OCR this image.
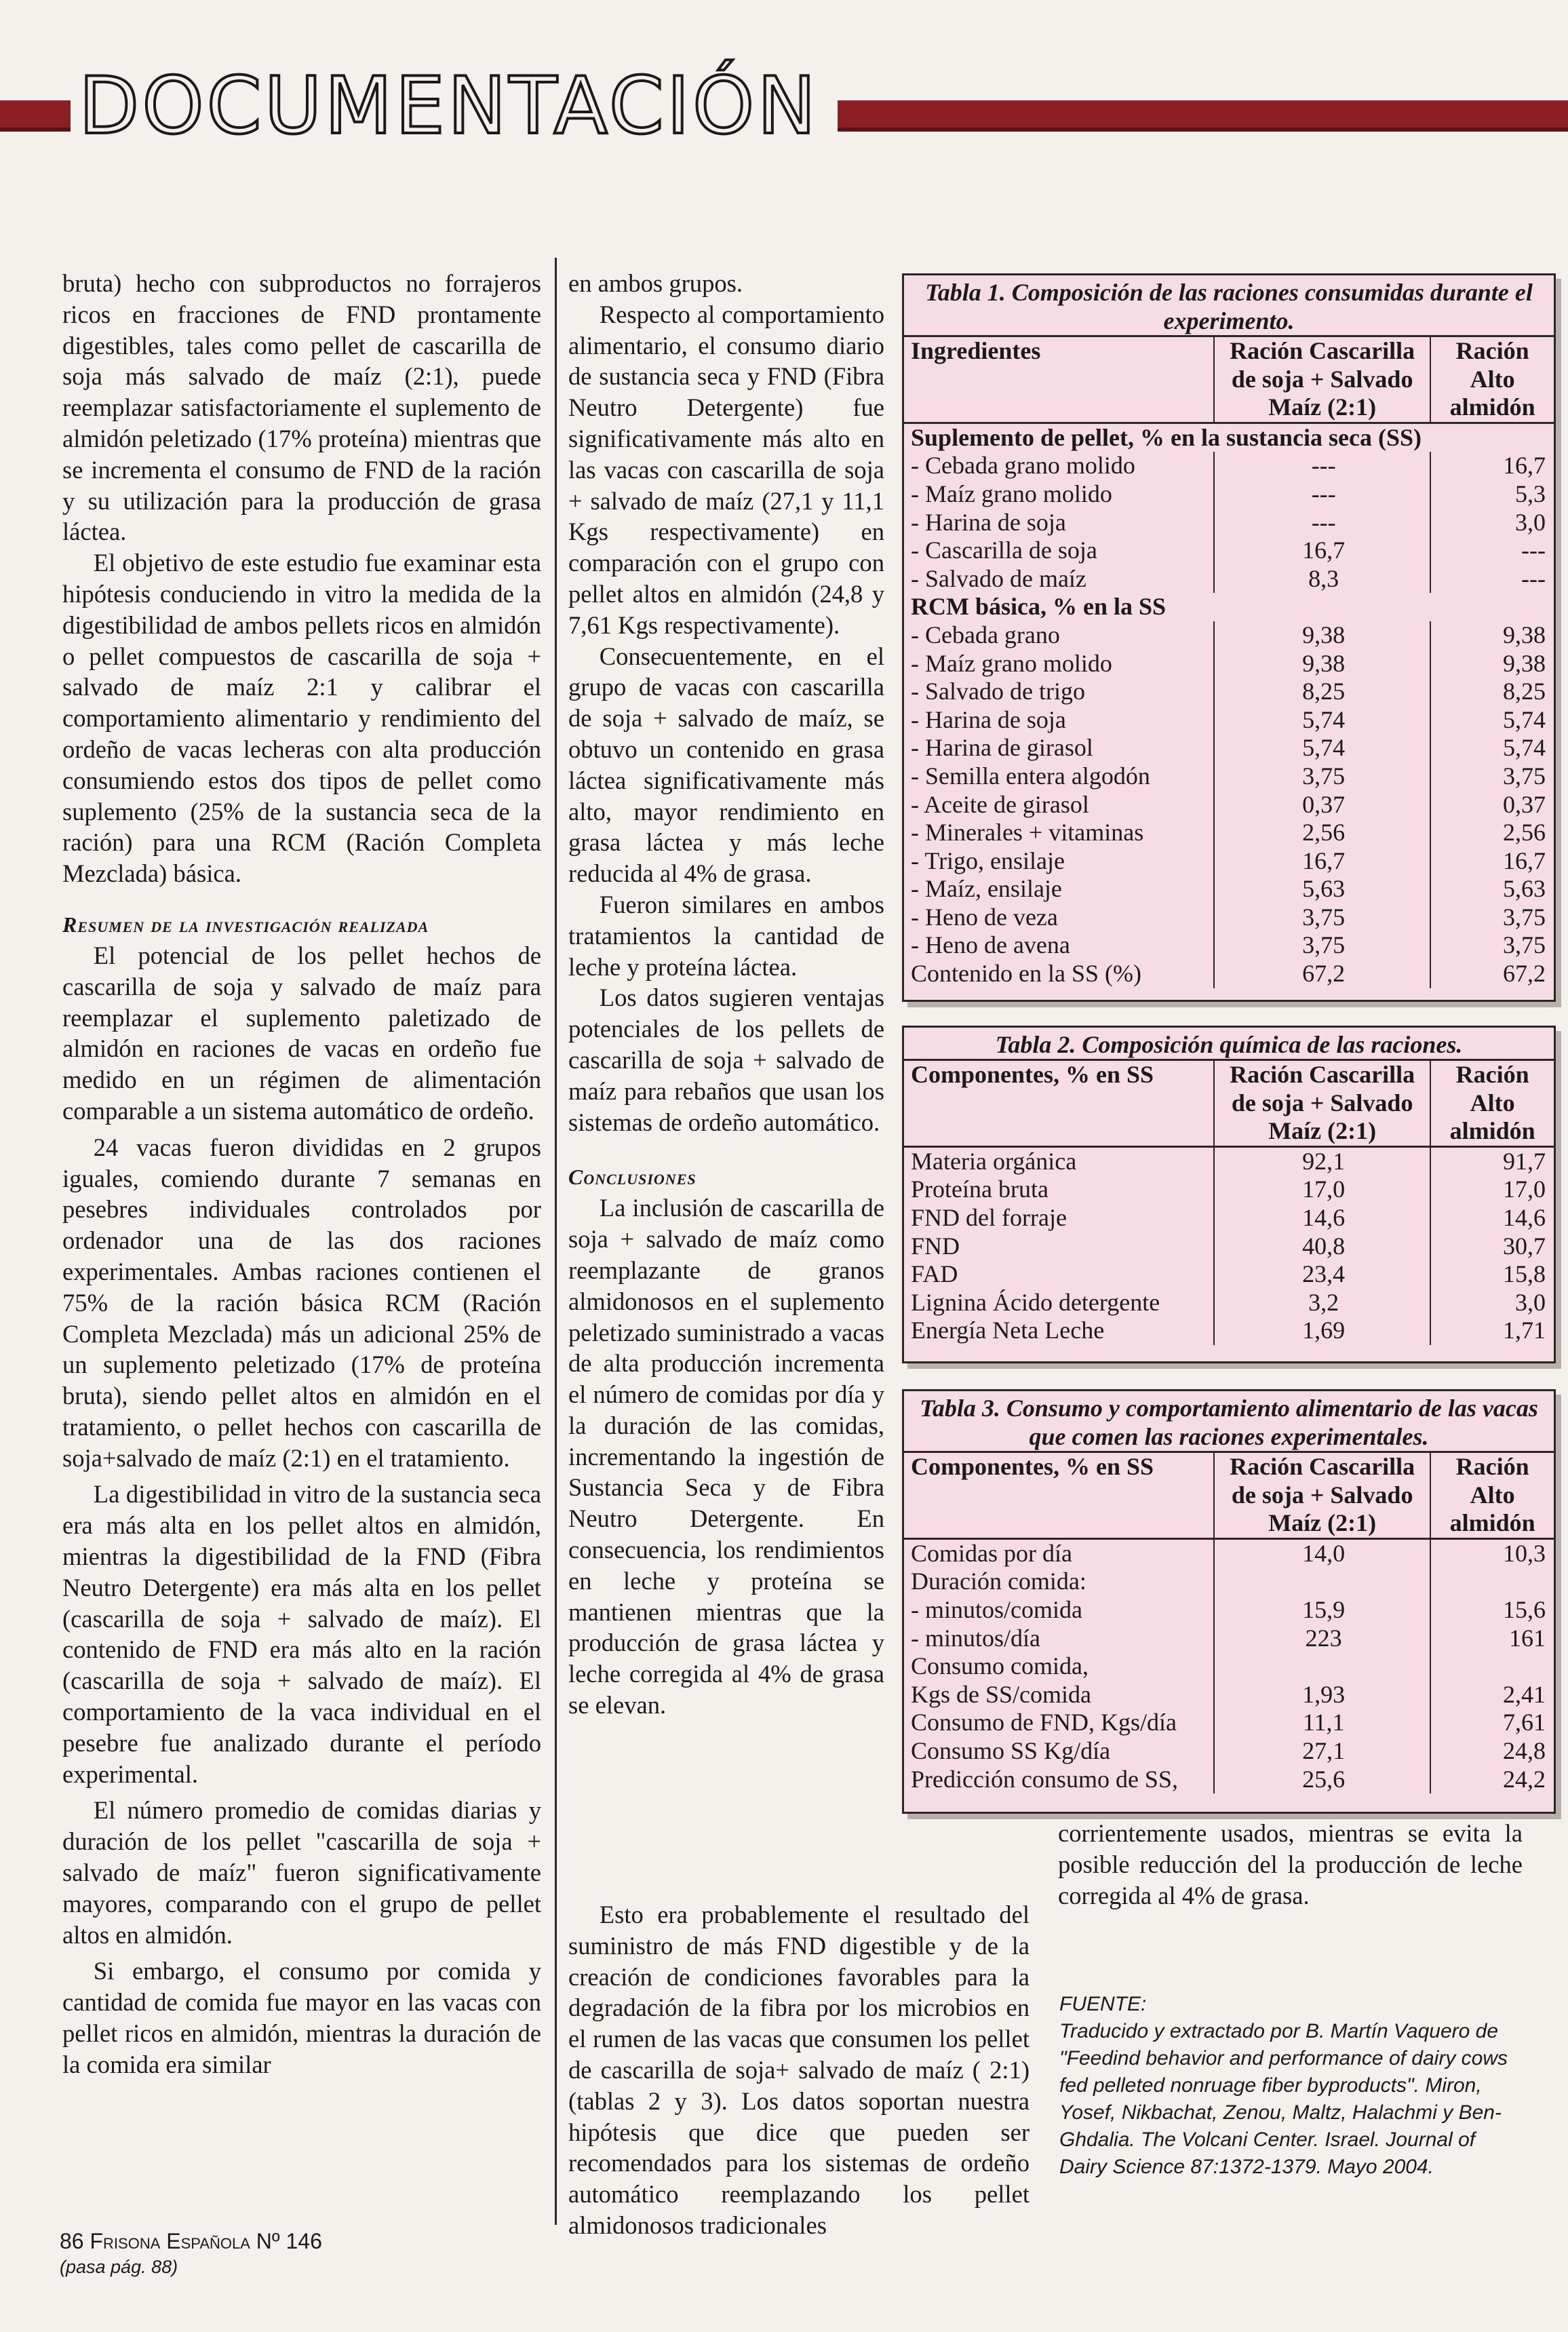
DOCUMENTACIÓN

bruta) hecho con subproductos no forrajeros ricos en fracciones de FND prontamente digestibles, tales como pellet de cascarilla de soja más salvado de maíz (2:1), puede reemplazar satisfactoriamente el suplemento de almidón peletizado (17% proteína) mientras que se incrementa el consumo de FND de la ración y su utilización para la producción de grasa láctea.

El objetivo de este estudio fue examinar esta hipótesis conduciendo in vitro la medida de la digestibilidad de ambos pellets ricos en almidón o pellet compuestos de cascarilla de soja + salvado de maíz 2:1 y calibrar el comportamiento alimentario y rendimiento del ordeño de vacas lecheras con alta producción consumiendo estos dos tipos de pellet como suplemento (25% de la sustancia seca de la ración) para una RCM (Ración Completa Mezclada) básica.

Resumen de la investigación realizada

El potencial de los pellet hechos de cascarilla de soja y salvado de maíz para reemplazar el suplemento paletizado de almidón en raciones de vacas en ordeño fue medido en un régimen de alimentación comparable a un sistema automático de ordeño.

24 vacas fueron divididas en 2 grupos iguales, comiendo durante 7 semanas en pesebres individuales controlados por ordenador una de las dos raciones experimentales. Ambas raciones contienen el 75% de la ración básica RCM (Ración Completa Mezclada) más un adicional 25% de un suplemento peletizado (17% de proteína bruta), siendo pellet altos en almidón en el tratamiento, o pellet hechos con cascarilla de soja+salvado de maíz (2:1) en el tratamiento.

La digestibilidad in vitro de la sustancia seca era más alta en los pellet altos en almidón, mientras la digestibilidad de la FND (Fibra Neutro Detergente) era más alta en los pellet (cascarilla de soja + salvado de maíz). El contenido de FND era más alto en la ración (cascarilla de soja + salvado de maíz). El comportamiento de la vaca individual en el pesebre fue analizado durante el período experimental.

El número promedio de comidas diarias y duración de los pellet "cascarilla de soja + salvado de maíz" fueron significativamente mayores, comparando con el grupo de pellet altos en almidón.

Si embargo, el consumo por comida y cantidad de comida fue mayor en las vacas con pellet ricos en almidón, mientras la duración de la comida era similar

en ambos grupos.

Respecto al comportamiento alimentario, el consumo diario de sustancia seca y FND (Fibra Neutro Detergente) fue significativamente más alto en las vacas con cascarilla de soja + salvado de maíz (27,1 y 11,1 Kgs respectivamente) en comparación con el grupo con pellet altos en almidón (24,8 y 7,61 Kgs respectivamente).

Consecuentemente, en el grupo de vacas con cascarilla de soja + salvado de maíz, se obtuvo un contenido en grasa láctea significativamente más alto, mayor rendimiento en grasa láctea y más leche reducida al 4% de grasa.

Fueron similares en ambos tratamientos la cantidad de leche y proteína láctea.

Los datos sugieren ventajas potenciales de los pellets de cascarilla de soja + salvado de maíz para rebaños que usan los sistemas de ordeño automático.

Conclusiones

La inclusión de cascarilla de soja + salvado de maíz como reemplazante de granos almidonosos en el suplemento peletizado suministrado a vacas de alta producción incrementa el número de comidas por día y la duración de las comidas, incrementando la ingestión de Sustancia Seca y de Fibra Neutro Detergente. En consecuencia, los rendimientos en leche y proteína se mantienen mientras que la producción de grasa láctea y leche corregida al 4% de grasa se elevan.

Esto era probablemente el resultado del suministro de más FND digestible y de la creación de condiciones favorables para la degradación de la fibra por los microbios en el rumen de las vacas que consumen los pellet de cascarilla de soja+ salvado de maíz ( 2:1) (tablas 2 y 3). Los datos soportan nuestra hipótesis que dice que pueden ser recomendados para los sistemas de ordeño automático reemplazando los pellet almidonosos tradicionales

corrientemente usados, mientras se evita la posible reducción del la producción de leche corregida al 4% de grasa.

Tabla 1. Composición de las raciones consumidas durante el experimento.
Ingredientes	Ración Cascarilla de soja + Salvado Maíz (2:1)	Ración Alto almidón
Suplemento de pellet, % en la sustancia seca (SS)		
- Cebada grano molido	---	16,7
- Maíz grano molido	---	5,3
- Harina de soja	---	3,0
- Cascarilla de soja	16,7	---
- Salvado de maíz	8,3	---
RCM básica, % en la SS		
- Cebada grano	9,38	9,38
- Maíz grano molido	9,38	9,38
- Salvado de trigo	8,25	8,25
- Harina de soja	5,74	5,74
- Harina de girasol	5,74	5,74
- Semilla entera algodón	3,75	3,75
- Aceite de girasol	0,37	0,37
- Minerales + vitaminas	2,56	2,56
- Trigo, ensilaje	16,7	16,7
- Maíz, ensilaje	5,63	5,63
- Heno de veza	3,75	3,75
- Heno de avena	3,75	3,75
Contenido en la SS (%)	67,2	67,2
Tabla 2. Composición química de las raciones.
Componentes, % en SS	Ración Cascarilla de soja + Salvado Maíz (2:1)	Ración Alto almidón
Materia orgánica	92,1	91,7
Proteína bruta	17,0	17,0
FND del forraje	14,6	14,6
FND	40,8	30,7
FAD	23,4	15,8
Lignina Ácido detergente	3,2	3,0
Energía Neta Leche	1,69	1,71
Tabla 3. Consumo y comportamiento alimentario de las vacas que comen las raciones experimentales.
Componentes, % en SS	Ración Cascarilla de soja + Salvado Maíz (2:1)	Ración Alto almidón
Comidas por día	14,0	10,3
Duración comida:		
- minutos/comida	15,9	15,6
- minutos/día	223	161
Consumo comida,		
Kgs de SS/comida	1,93	2,41
Consumo de FND, Kgs/día	11,1	7,61
Consumo SS Kg/día	27,1	24,8
Predicción consumo de SS,	25,6	24,2
FUENTE:
Traducido y extractado por B. Martín Vaquero de "Feedind behavior and performance of dairy cows fed pelleted nonruage fiber byproducts". Miron, Yosef, Nikbachat, Zenou, Maltz, Halachmi y Ben-Ghdalia. The Volcani Center. Israel. Journal of Dairy Science 87:1372-1379. Mayo 2004.
86 Frisona Española Nº 146
(pasa pág. 88)
